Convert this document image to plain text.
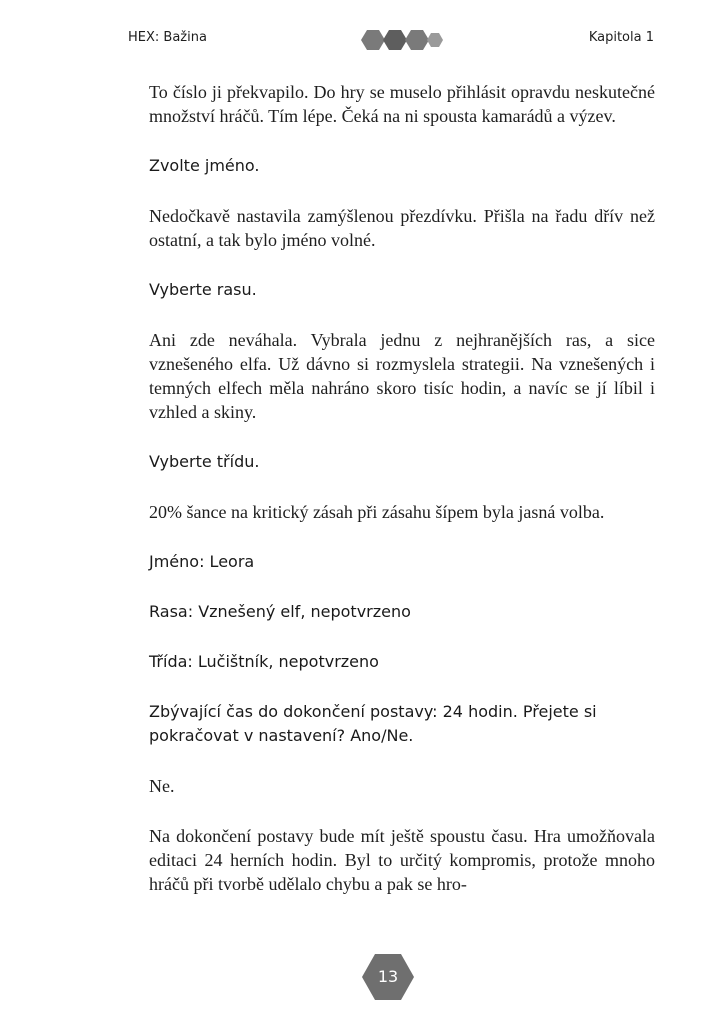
HEX: Bažina	Kapitola 1

To číslo ji překvapilo. Do hry se muselo přihlásit opravdu neskutečné množství hráčů. Tím lépe. Čeká na ni spousta kamarádů a výzev.

Zvolte jméno.

Nedočkavě nastavila zamýšlenou přezdívku. Přišla na řadu dřív než ostatní, a tak bylo jméno volné.

Vyberte rasu.

Ani zde neváhala. Vybrala jednu z nejhranějších ras, a sice vznešeného elfa. Už dávno si rozmyslela strategii. Na vznešených i temných elfech měla nahráno skoro tisíc hodin, a navíc se jí líbil i vzhled a skiny.

Vyberte třídu.

20% šance na kritický zásah při zásahu šípem byla jasná volba.

Jméno: Leora

Rasa: Vznešený elf, nepotvrzeno

Třída: Lučištník, nepotvrzeno

Zbývající čas do dokončení postavy: 24 hodin. Přejete si pokračovat v nastavení? Ano/Ne.

Ne.

Na dokončení postavy bude mít ještě spoustu času. Hra umožňovala editaci 24 herních hodin. Byl to určitý kompromis, protože mnoho hráčů při tvorbě udělalo chybu a pak se hro-

13
